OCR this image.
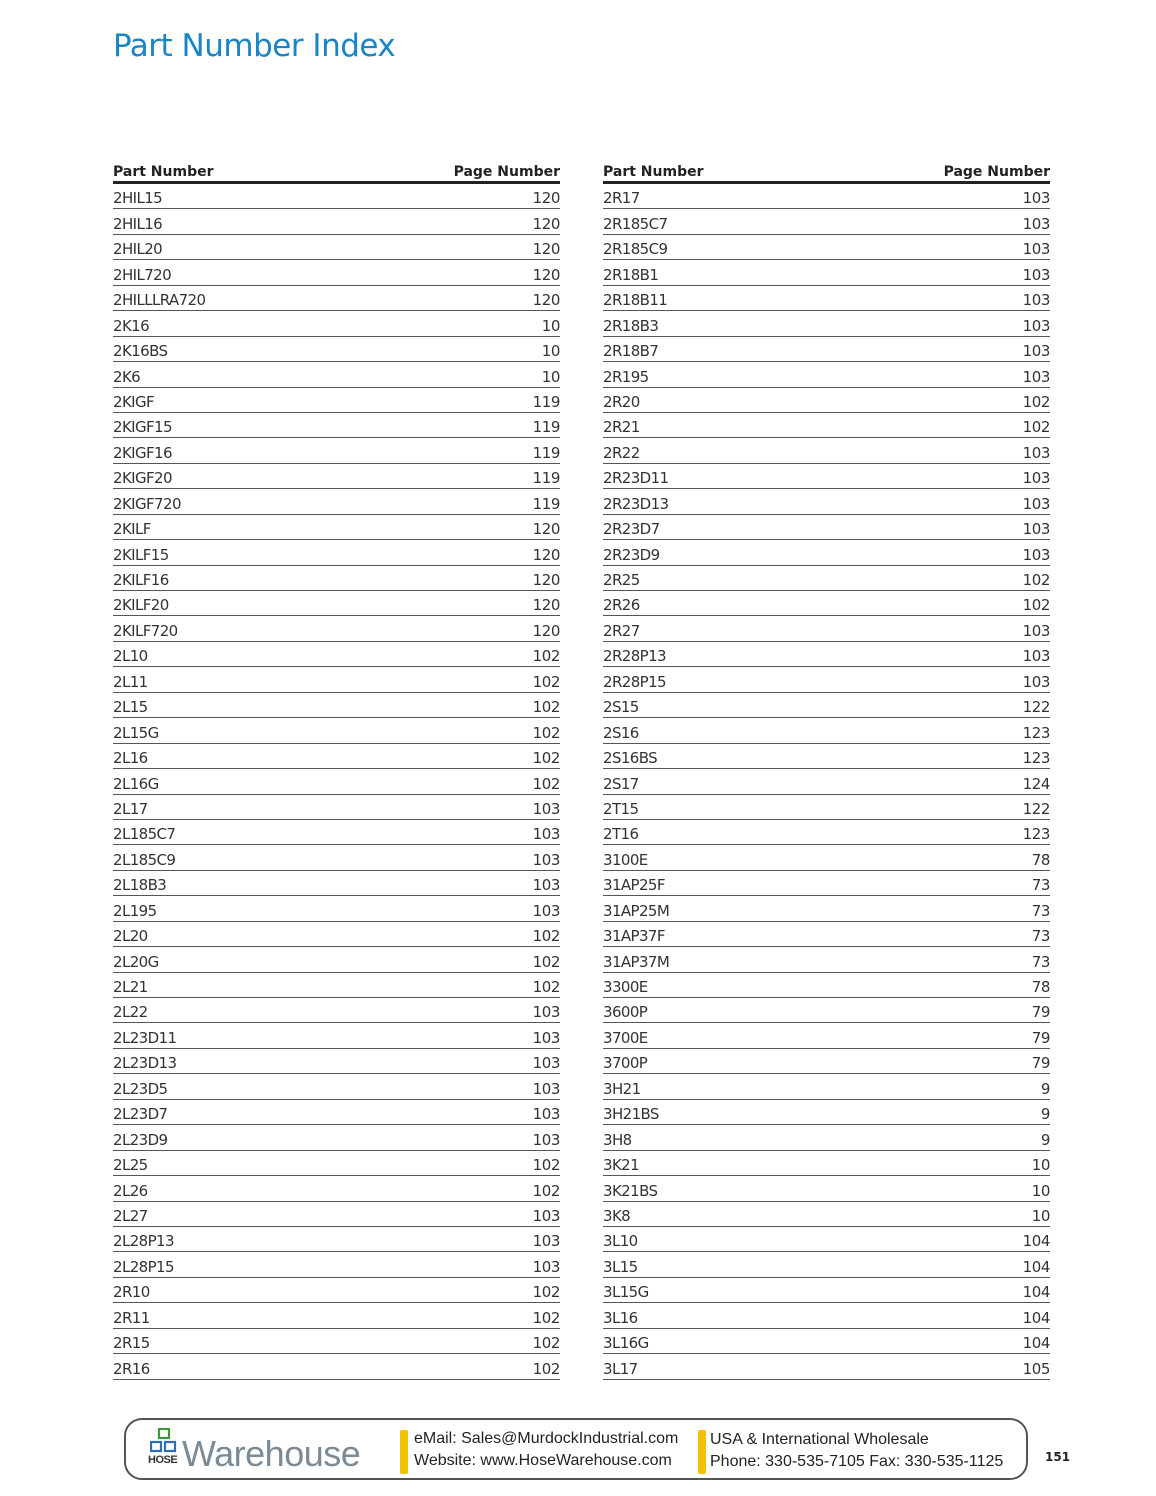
Part Number Index
Part Number	Page Number
2HIL15	120
2HIL16	120
2HIL20	120
2HIL720	120
2HILLLRA720	120
2K16	10
2K16BS	10
2K6	10
2KIGF	119
2KIGF15	119
2KIGF16	119
2KIGF20	119
2KIGF720	119
2KILF	120
2KILF15	120
2KILF16	120
2KILF20	120
2KILF720	120
2L10	102
2L11	102
2L15	102
2L15G	102
2L16	102
2L16G	102
2L17	103
2L185C7	103
2L185C9	103
2L18B3	103
2L195	103
2L20	102
2L20G	102
2L21	102
2L22	103
2L23D11	103
2L23D13	103
2L23D5	103
2L23D7	103
2L23D9	103
2L25	102
2L26	102
2L27	103
2L28P13	103
2L28P15	103
2R10	102
2R11	102
2R15	102
2R16	102
Part Number	Page Number
2R17	103
2R185C7	103
2R185C9	103
2R18B1	103
2R18B11	103
2R18B3	103
2R18B7	103
2R195	103
2R20	102
2R21	102
2R22	103
2R23D11	103
2R23D13	103
2R23D7	103
2R23D9	103
2R25	102
2R26	102
2R27	103
2R28P13	103
2R28P15	103
2S15	122
2S16	123
2S16BS	123
2S17	124
2T15	122
2T16	123
3100E	78
31AP25F	73
31AP25M	73
31AP37F	73
31AP37M	73
3300E	78
3600P	79
3700E	79
3700P	79
3H21	9
3H21BS	9
3H8	9
3K21	10
3K21BS	10
3K8	10
3L10	104
3L15	104
3L15G	104
3L16	104
3L16G	104
3L17	105
HOSE Warehouse	eMail: Sales@MurdockIndustrial.com
Website: www.HoseWarehouse.com
USA & International Wholesale
Phone: 330-535-7105 Fax: 330-535-1125	151
